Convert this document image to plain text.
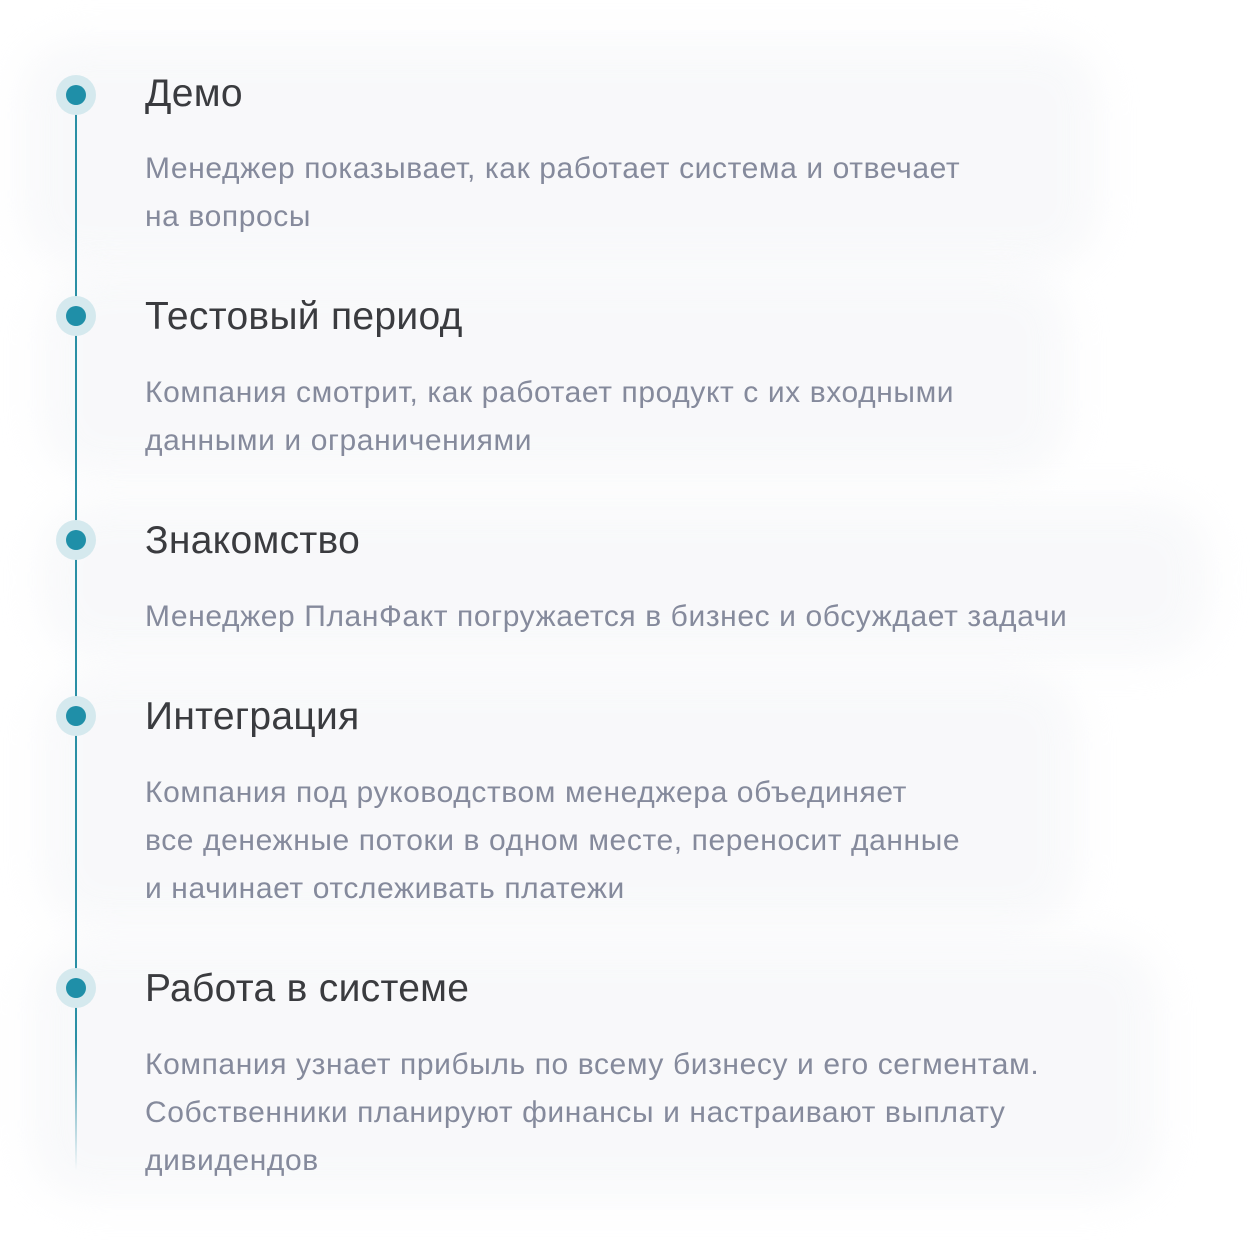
Демо

Менеджер показывает, как работает система и отвечает
на вопросы

Тестовый период

Компания смотрит, как работает продукт с их входными
данными и ограничениями

Знакомство

Менеджер ПланФакт погружается в бизнес и обсуждает задачи

Интеграция

Компания под руководством менеджера объединяет
все денежные потоки в одном месте, переносит данные
и начинает отслеживать платежи

Работа в системе

Компания узнает прибыль по всему бизнесу и его сегментам.
Собственники планируют финансы и настраивают выплату
дивидендов
